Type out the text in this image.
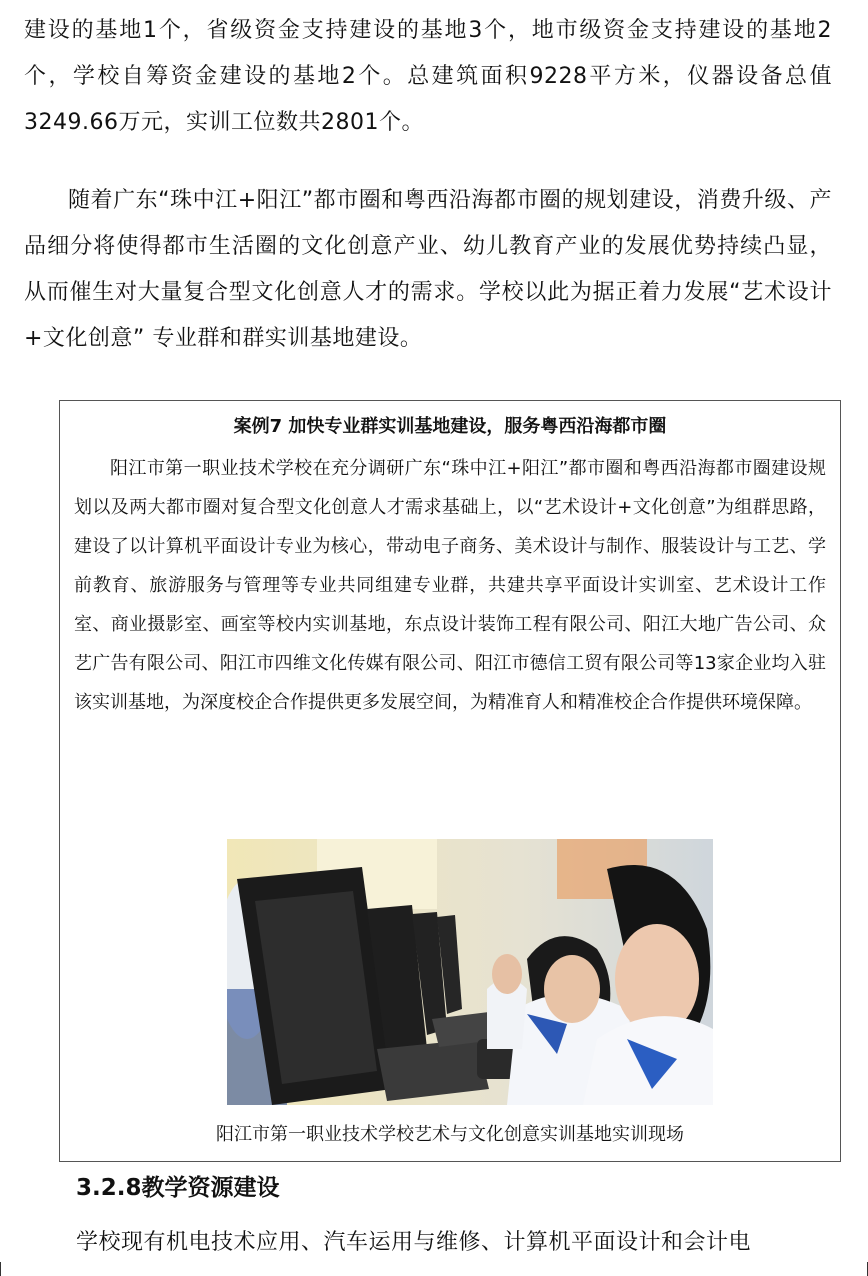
建设的基地1个，省级资金支持建设的基地3个，地市级资金支持建设的基地2个，学校自筹资金建设的基地2个。总建筑面积9228平方米，仪器设备总值3249.66万元，实训工位数共2801个。

随着广东“珠中江+阳江”都市圈和粤西沿海都市圈的规划建设，消费升级、产品细分将使得都市生活圈的文化创意产业、幼儿教育产业的发展优势持续凸显，从而催生对大量复合型文化创意人才的需求。学校以此为据正着力发展“艺术设计+文化创意” 专业群和群实训基地建设。

案例7 加快专业群实训基地建设，服务粤西沿海都市圈

阳江市第一职业技术学校在充分调研广东“珠中江+阳江”都市圈和粤西沿海都市圈建设规划以及两大都市圈对复合型文化创意人才需求基础上，以“艺术设计+文化创意”为组群思路，建设了以计算机平面设计专业为核心，带动电子商务、美术设计与制作、服装设计与工艺、学前教育、旅游服务与管理等专业共同组建专业群，共建共享平面设计实训室、艺术设计工作室、商业摄影室、画室等校内实训基地，东点设计装饰工程有限公司、阳江大地广告公司、众艺广告有限公司、阳江市四维文化传媒有限公司、阳江市德信工贸有限公司等13家企业均入驻该实训基地，为深度校企合作提供更多发展空间，为精准育人和精准校企合作提供环境保障。

阳江市第一职业技术学校艺术与文化创意实训基地实训现场
3.2.8教学资源建设

学校现有机电技术应用、汽车运用与维修、计算机平面设计和会计电
